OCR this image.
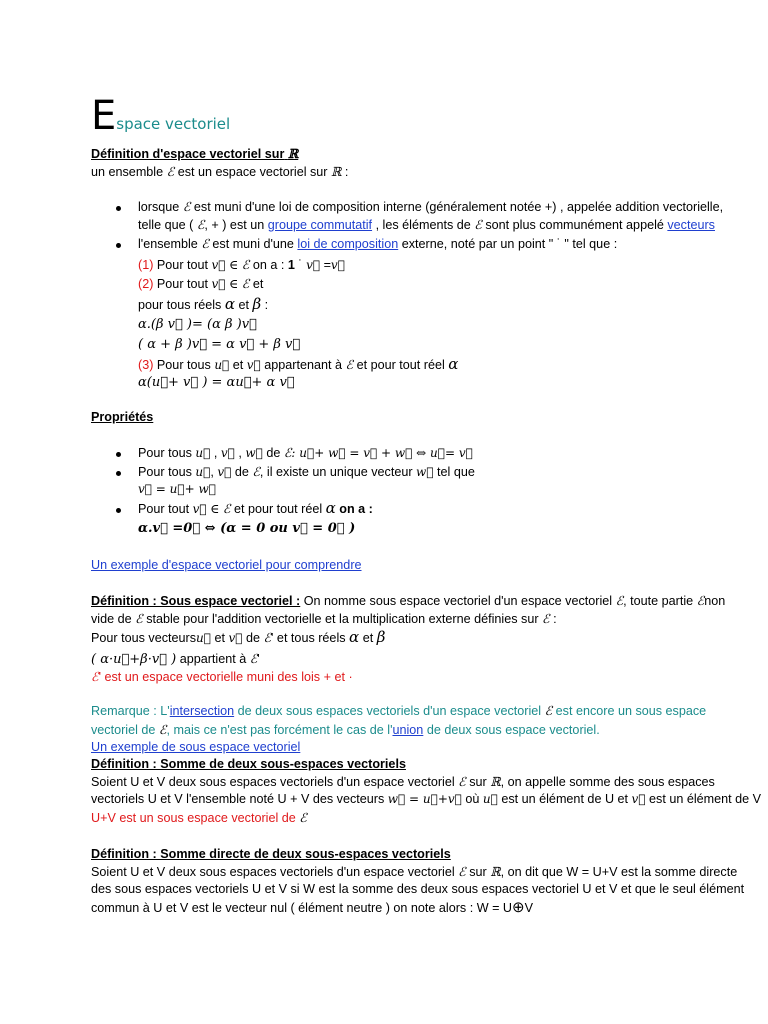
Espace vectoriel
Définition d'espace vectoriel sur ℝ
un ensemble ℰ est un espace vectoriel sur ℝ :
lorsque ℰ est muni d'une loi de composition interne (généralement notée +) , appelée addition vectorielle,
telle que ( ℰ, + ) est un groupe commutatif , les éléments de ℰ sont plus communément appelé vecteurs
l'ensemble ℰ est muni d'une loi de composition externe, noté par un point " ˙ " tel que :
(1) Pour tout v⃗ ∈ ℰ on a : 1 ˙ v⃗ =v⃗
(2) Pour tout v⃗ ∈ ℰ et
pour tous réels α et β :
α.(β v⃗ )= (α β )v⃗
( α + β )v⃗ = α v⃗ + β v⃗
(3) Pour tous u⃗ et v⃗ appartenant à ℰ et pour tout réel α
α(u⃗+ v⃗ ) = αu⃗+ α v⃗
Propriétés
Pour tous u⃗ , v⃗ , w⃗ de ℰ: u⃗+ w⃗ = v⃗ + w⃗ ⇔ u⃗= v⃗
Pour tous u⃗, v⃗ de ℰ, il existe un unique vecteur w⃗ tel que
v⃗ = u⃗+ w⃗
Pour tout v⃗ ∈ ℰ et pour tout réel α on a :
α.v⃗ =0⃗ ⇔ (α = 0 ou v⃗ = 0⃗ )
Un exemple d'espace vectoriel pour comprendre
Définition : Sous espace vectoriel : On nomme sous espace vectoriel d'un espace vectoriel ℰ, toute partie ℰnon
vide de ℰ stable pour l'addition vectorielle et la multiplication externe définies sur ℰ :
Pour tous vecteursu⃗ et v⃗ de ℰ' et tous réels α et β
( α·u⃗+β·v⃗ ) appartient à ℰ'
ℰ' est un espace vectorielle muni des lois + et ·
Remarque : L'intersection de deux sous espaces vectoriels d'un espace vectoriel ℰ est encore un sous espace
vectoriel de ℰ, mais ce n'est pas forcément le cas de l'union de deux sous espace vectoriel.
Un exemple de sous espace vectoriel
Définition : Somme de deux sous-espaces vectoriels
Soient U et V deux sous espaces vectoriels d'un espace vectoriel ℰ sur ℝ, on appelle somme des sous espaces
vectoriels U et V l'ensemble noté U + V des vecteurs w⃗ = u⃗+v⃗ où u⃗ est un élément de U et v⃗ est un élément de V
U+V est un sous espace vectoriel de ℰ
Définition : Somme directe de deux sous-espaces vectoriels
Soient U et V deux sous espaces vectoriels d'un espace vectoriel ℰ sur ℝ, on dit que W = U+V est la somme directe
des sous espaces vectoriels U et V si W est la somme des deux sous espaces vectoriel U et V et que le seul élément
commun à U et V est le vecteur nul ( élément neutre ) on note alors : W = U⊕V
